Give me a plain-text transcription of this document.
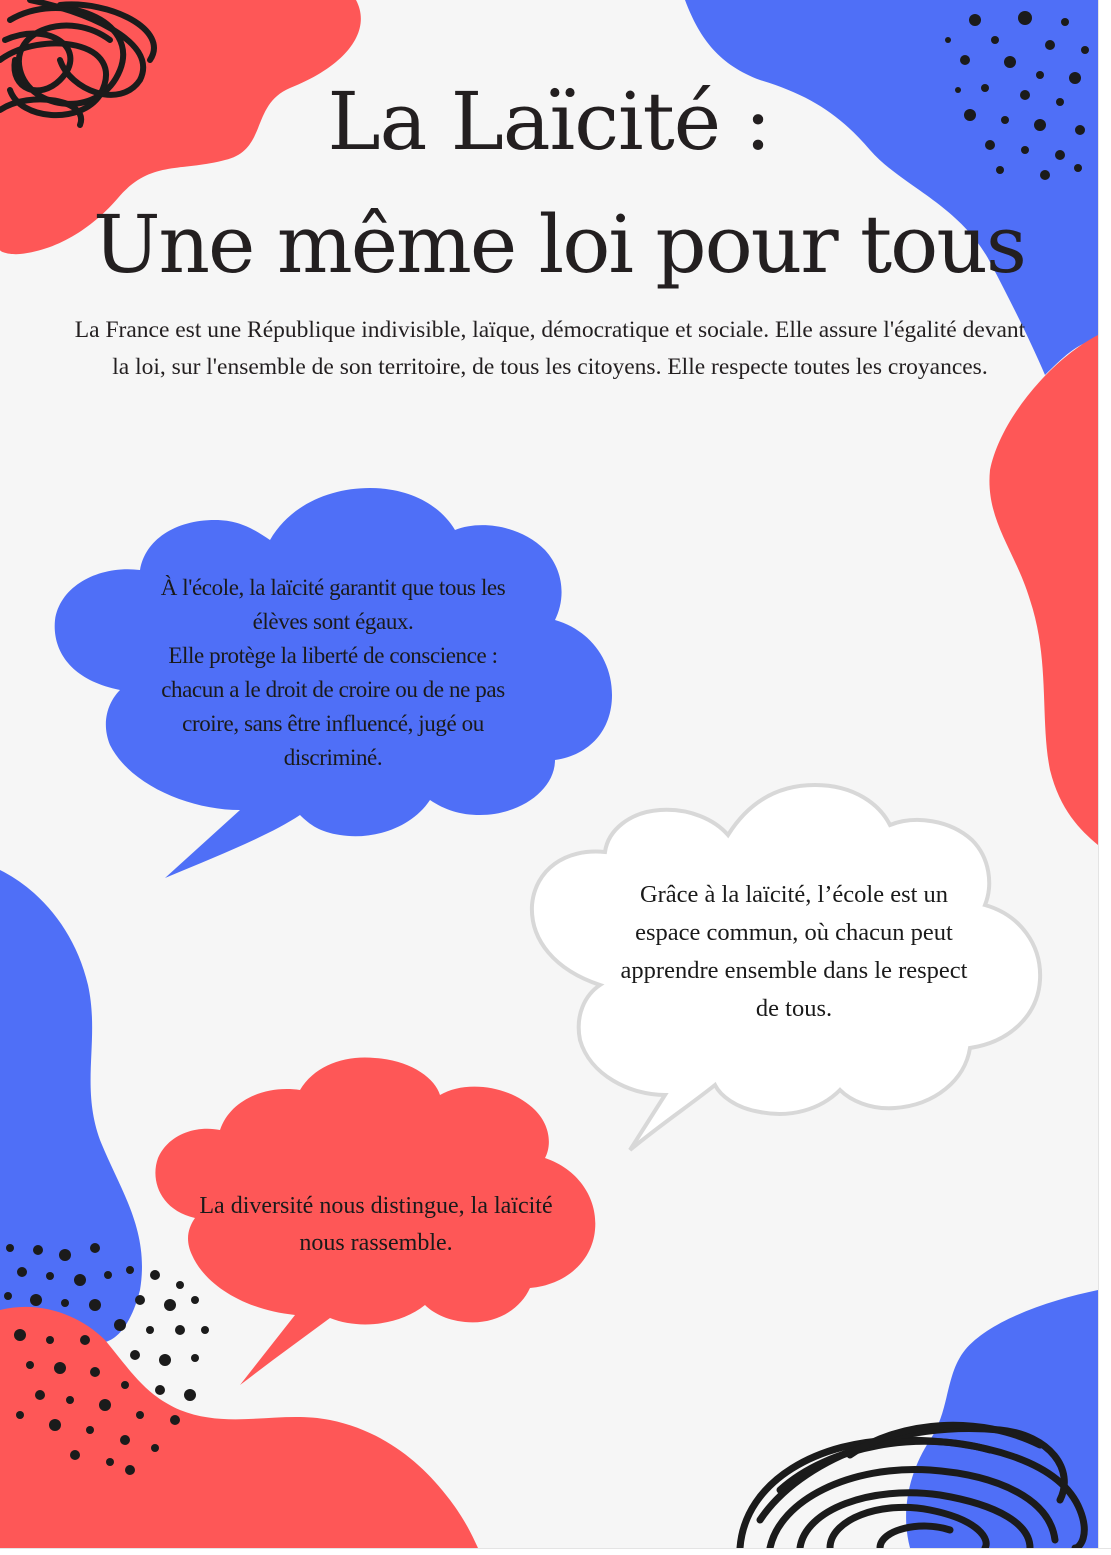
La Laïcité :
Une même loi pour tous
La France est une République indivisible, laïque, démocratique et sociale. Elle assure l'égalité devant la loi, sur l'ensemble de son territoire, de tous les citoyens. Elle respecte toutes les croyances.
À l'école, la laïcité garantit que tous les
élèves sont égaux.
Elle protège la liberté de conscience :
chacun a le droit de croire ou de ne pas
croire, sans être influencé, jugé ou
discriminé.
Grâce à la laïcité, l’école est un
espace commun, où chacun peut
apprendre ensemble dans le respect
de tous.
La diversité nous distingue, la laïcité
nous rassemble.
